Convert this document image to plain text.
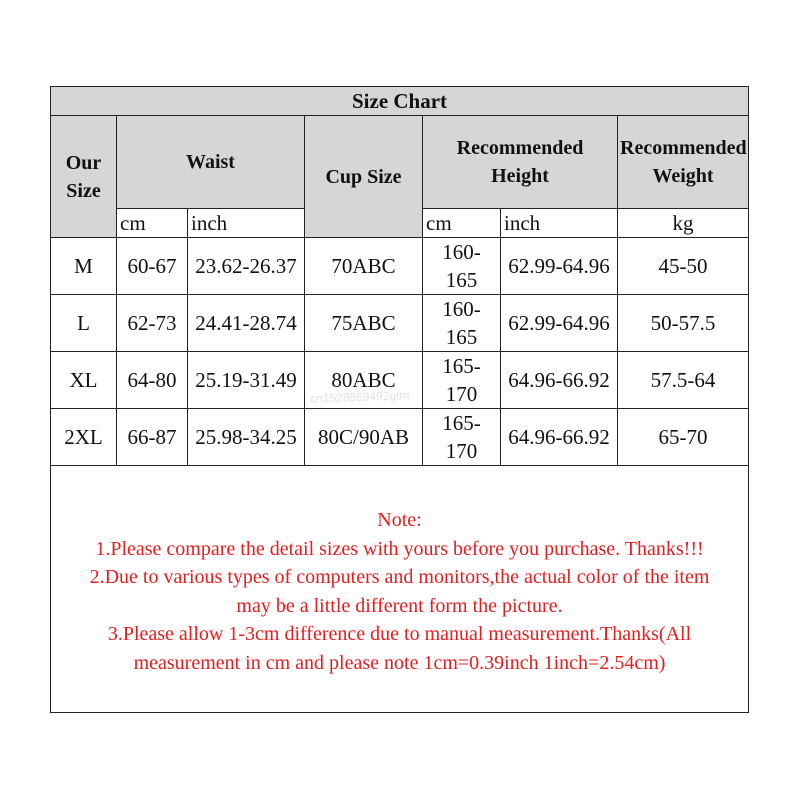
Size Chart						
Our Size	Waist		Cup Size	Recommended Height		Recommended Weight
	cm	inch		cm	inch	kg
M	60-67	23.62-26.37	70ABC	160-165	62.99-64.96	45-50
L	62-73	24.41-28.74	75ABC	160-165	62.99-64.96	50-57.5
XL	64-80	25.19-31.49	80ABC	165-170	64.96-66.92	57.5-64
2XL	66-87	25.98-34.25	80C/90AB	165-170	64.96-66.92	65-70
Note:
1.Please compare the detail sizes with yours before you purchase. Thanks!!!
2.Due to various types of computers and monitors,the actual color of the item
may be a little different form the picture.
3.Please allow 1-3cm difference due to manual measurement.Thanks(All
measurement in cm and please note 1cm=0.39inch 1inch=2.54cm)
cn1528859492gtm
